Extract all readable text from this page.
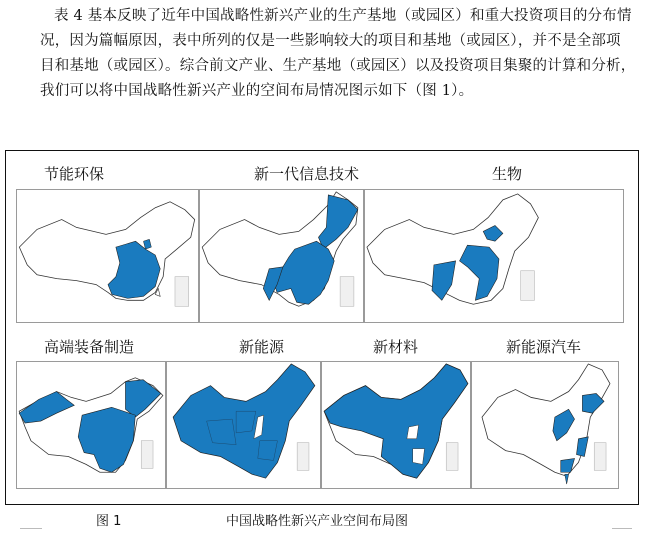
表 4 基本反映了近年中国战略性新兴产业的生产基地（或园区）和重大投资项目的分布情
况，因为篇幅原因，表中所列的仅是一些影响较大的项目和基地（或园区），并不是全部项
目和基地（或园区）。综合前文产业、生产基地（或园区）以及投资项目集聚的计算和分析，
我们可以将中国战略性新兴产业的空间布局情况图示如下（图 1）。
节能环保	新一代信息技术	生物
高端装备制造	新能源	新材料	新能源汽车
图 1	中国战略性新兴产业空间布局图
